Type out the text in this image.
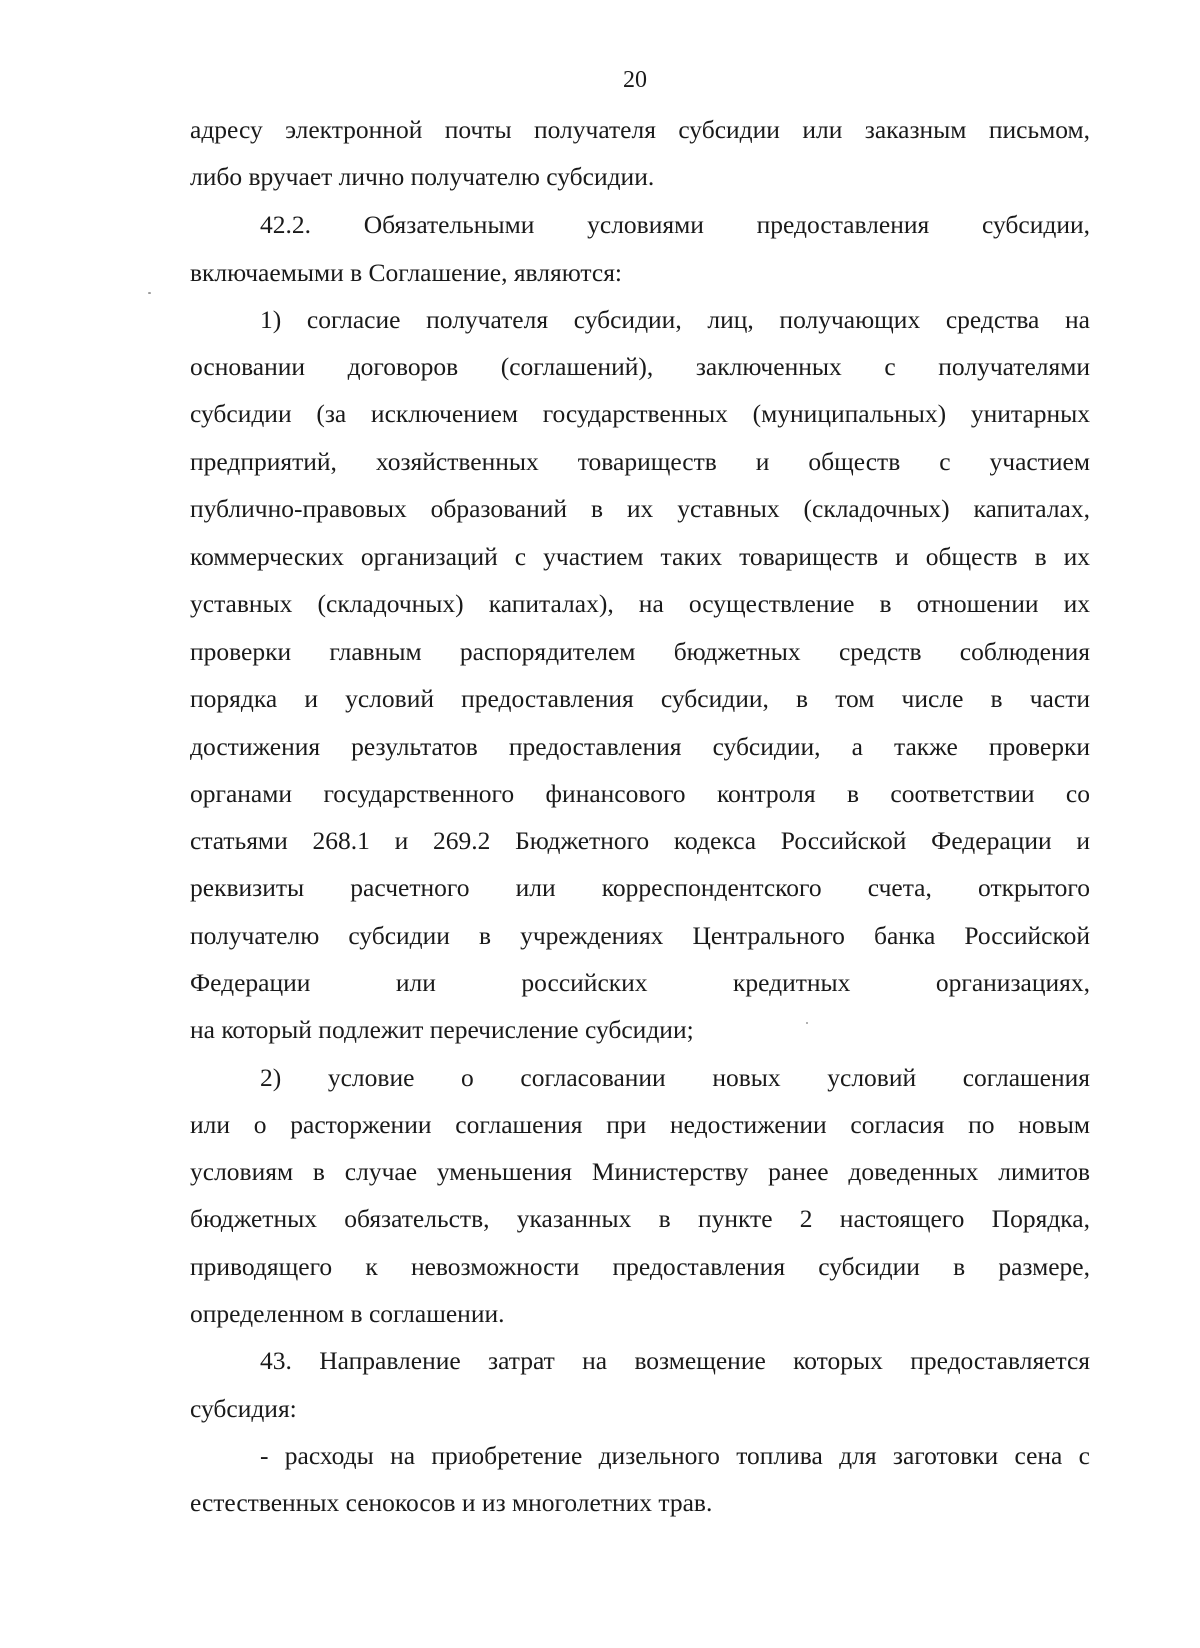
20
адресу электронной почты получателя субсидии или заказным письмом,
либо вручает лично получателю субсидии.
42.2. Обязательными условиями предоставления субсидии,
включаемыми в Соглашение, являются:
1) согласие получателя субсидии, лиц, получающих средства на
основании договоров (соглашений), заключенных с получателями
субсидии (за исключением государственных (муниципальных) унитарных
предприятий, хозяйственных товариществ и обществ с участием
публично-правовых образований в их уставных (складочных) капиталах,
коммерческих организаций с участием таких товариществ и обществ в их
уставных (складочных) капиталах), на осуществление в отношении их
проверки главным распорядителем бюджетных средств соблюдения
порядка и условий предоставления субсидии, в том числе в части
достижения результатов предоставления субсидии, а также проверки
органами государственного финансового контроля в соответствии со
статьями 268.1 и 269.2 Бюджетного кодекса Российской Федерации и
реквизиты расчетного или корреспондентского счета, открытого
получателю субсидии в учреждениях Центрального банка Российской
Федерации или российских кредитных организациях,
на который подлежит перечисление субсидии;
2) условие о согласовании новых условий соглашения
или о расторжении соглашения при недостижении согласия по новым
условиям в случае уменьшения Министерству ранее доведенных лимитов
бюджетных обязательств, указанных в пункте 2 настоящего Порядка,
приводящего к невозможности предоставления субсидии в размере,
определенном в соглашении.
43. Направление затрат на возмещение которых предоставляется
субсидия:
- расходы на приобретение дизельного топлива для заготовки сена с
естественных сенокосов и из многолетних трав.
